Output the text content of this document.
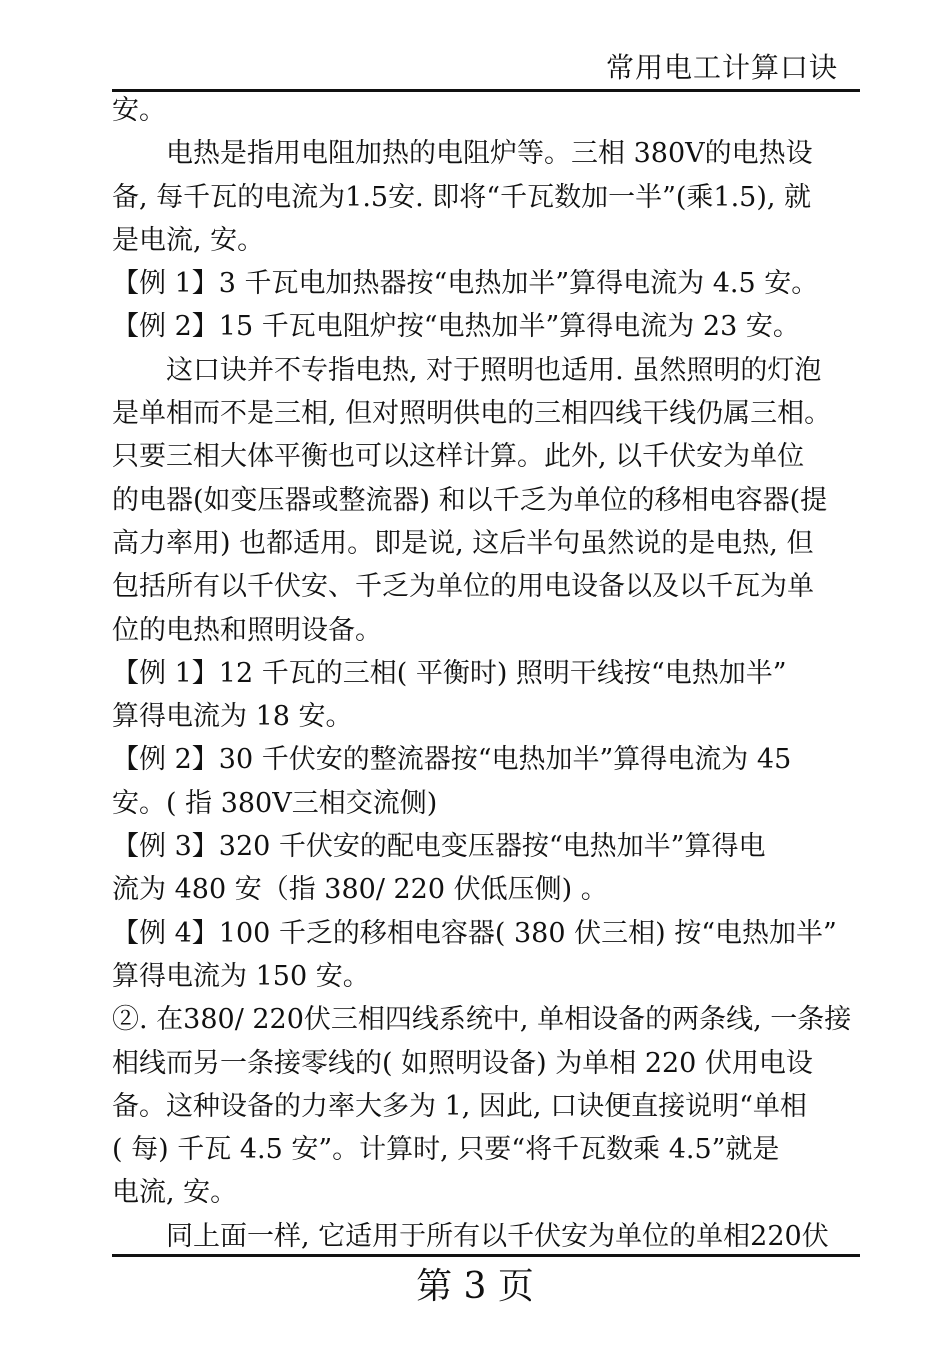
常用电工计算口诀
安。
　　电热是指用电阻加热的电阻炉等。三相 380V的电热设
备, 每千瓦的电流为1.5安. 即将“千瓦数加一半”(乘1.5), 就
是电流, 安。
【例 1】3 千瓦电加热器按“电热加半”算得电流为 4.5 安。
【例 2】15 千瓦电阻炉按“电热加半”算得电流为 23 安。
　　这口诀并不专指电热, 对于照明也适用. 虽然照明的灯泡
是单相而不是三相, 但对照明供电的三相四线干线仍属三相。
只要三相大体平衡也可以这样计算。此外, 以千伏安为单位
的电器(如变压器或整流器) 和以千乏为单位的移相电容器(提
高力率用) 也都适用。即是说, 这后半句虽然说的是电热, 但
包括所有以千伏安、千乏为单位的用电设备以及以千瓦为单
位的电热和照明设备。
【例 1】12 千瓦的三相( 平衡时) 照明干线按“电热加半”
算得电流为 18 安。
【例 2】30 千伏安的整流器按“电热加半”算得电流为 45
安。( 指 380V三相交流侧)
【例 3】320 千伏安的配电变压器按“电热加半”算得电
流为 480 安（指 380/ 220 伏低压侧) 。
【例 4】100 千乏的移相电容器( 380 伏三相) 按“电热加半”
算得电流为 150 安。
②. 在380/ 220伏三相四线系统中, 单相设备的两条线, 一条接
相线而另一条接零线的( 如照明设备) 为单相 220 伏用电设
备。这种设备的力率大多为 1, 因此, 口诀便直接说明“单相
( 每) 千瓦 4.5 安”。计算时, 只要“将千瓦数乘 4.5”就是
电流, 安。
　　同上面一样, 它适用于所有以千伏安为单位的单相220伏
第 3 页
